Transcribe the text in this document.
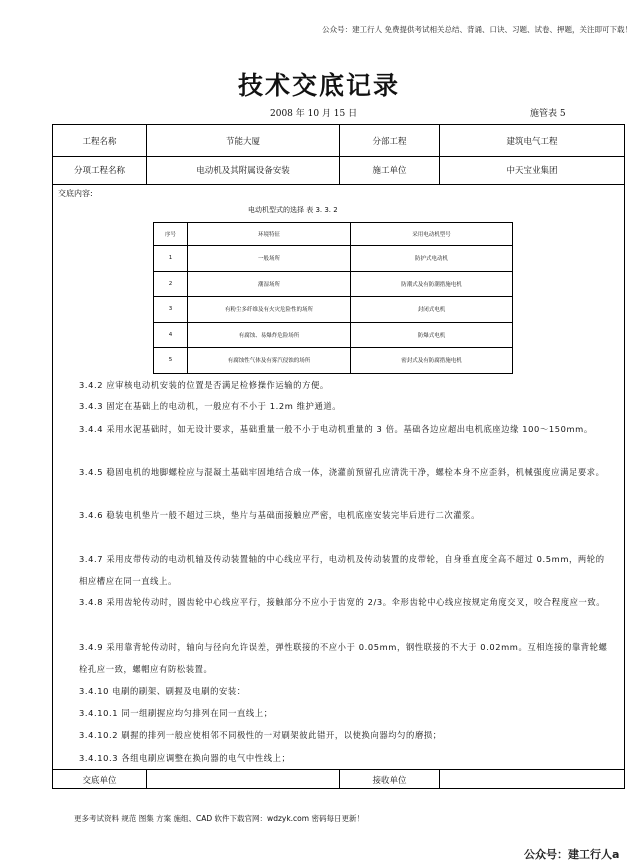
公众号：建工行人 免费提供考试相关总结、背诵、口诀、习题、试卷、押题，关注即可下载！
技术交底记录
2008 年 10 月 15 日	施管表 5
工程名称	节能大厦	分部工程	建筑电气工程
分项工程名称	电动机及其附属设备安装	施工单位	中天宝业集团
交底内容:
电动机型式的选择 表 3. 3. 2
序号	环境特征	采用电动机型号
1	一般场所	防护式电动机
2	潮湿场所	防潮式及有防潮措施电机
3	有粉尘多纤维及有火灾危险性的场所	封闭式电机
4	有腐蚀、易爆炸危险场所	防爆式电机
5	有腐蚀性气体及有雾汽侵蚀的场所	密封式及有防腐措施电机

3.4.2 应审核电动机安装的位置是否满足检修操作运输的方便。

3.4.3 固定在基础上的电动机，一般应有不小于 1.2m 维护通道。

3.4.4 采用水泥基础时，如无设计要求，基础重量一般不小于电动机重量的 3 倍。基础各边应超出电机底座边缘 100～150mm。

3.4.5 稳固电机的地脚螺栓应与混凝土基础牢固地结合成一体，浇灌前预留孔应清洗干净，螺栓本身不应歪斜，机械强度应满足要求。

3.4.6 稳装电机垫片一般不超过三块，垫片与基础面接触应严密，电机底座安装完毕后进行二次灌浆。

3.4.7 采用皮带传动的电动机轴及传动装置轴的中心线应平行，电动机及传动装置的皮带轮，自身垂直度全高不超过 0.5mm，两轮的相应槽应在同一直线上。

3.4.8 采用齿轮传动时，圆齿轮中心线应平行，接触部分不应小于齿宽的 2/3。伞形齿轮中心线应按规定角度交叉，咬合程度应一致。

3.4.9 采用靠背轮传动时，轴向与径向允许误差，弹性联接的不应小于 0.05mm，钢性联接的不大于 0.02mm。互相连接的靠背轮螺栓孔应一致，螺帽应有防松装置。

3.4.10 电刷的刷架、刷握及电刷的安装：

3.4.10.1 同一组刷握应均匀排列在同一直线上；

3.4.10.2 刷握的排列一般应使相邻不同极性的一对刷架彼此错开，以使换向器均匀的磨损；

3.4.10.3 各组电刷应调整在换向器的电气中性线上；

交底单位	接收单位
更多考试资料 规范 图集 方案 施组、CAD 软件下载官网：wdzyk.com 密码每日更新！
公众号：建工行人a
